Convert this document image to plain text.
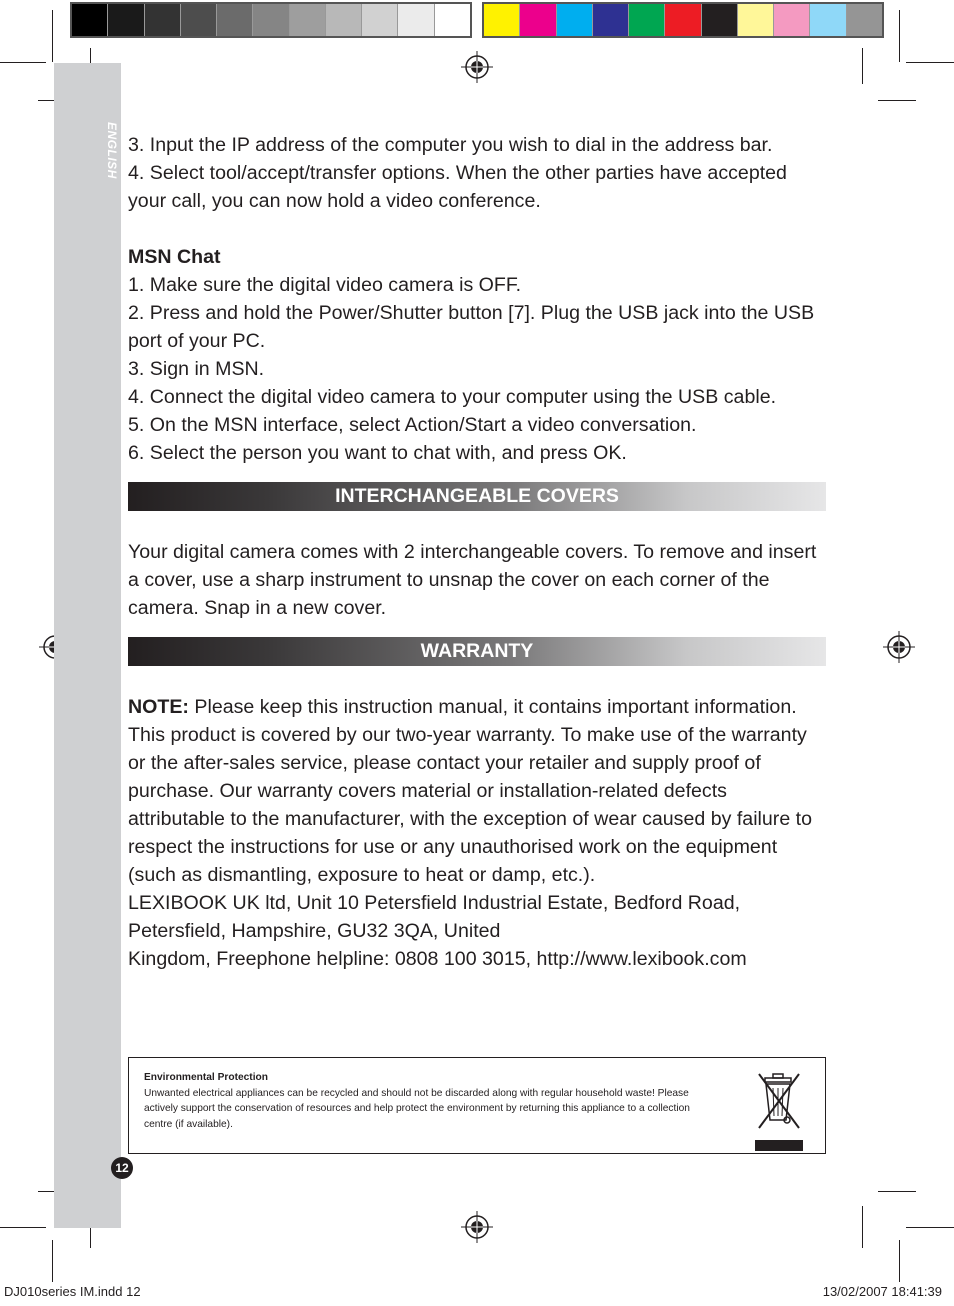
ENGLISH 3. Input the IP address of the computer you wish to dial in the address bar.

4. Select tool/accept/transfer options. When the other parties have accepted your call, you can now hold a video conference.

MSN Chat

1. Make sure the digital video camera is OFF.

2. Press and hold the Power/Shutter button [7]. Plug the USB jack into the USB port of your PC.

3. Sign in MSN.

4. Connect the digital video camera to your computer using the USB cable.

5. On the MSN interface, select Action/Start a video conversation.

6. Select the person you want to chat with, and press OK.

INTERCHANGEABLE COVERS

Your digital camera comes with 2 interchangeable covers. To remove and insert a cover, use a sharp instrument to unsnap the cover on each corner of the camera. Snap in a new cover.

WARRANTY

NOTE: Please keep this instruction manual, it contains important information. This product is covered by our two-year warranty. To make use of the warranty or the after-sales service, please contact your retailer and supply proof of purchase. Our warranty covers material or installation-related defects attributable to the manufacturer, with the exception of wear caused by failure to respect the instructions for use or any unauthorised work on the equipment (such as dismantling, exposure to heat or damp, etc.).

LEXIBOOK UK ltd, Unit 10 Petersfield Industrial Estate, Bedford Road, Petersfield, Hampshire, GU32 3QA, United

Kingdom, Freephone helpline: 0808 100 3015, http://www.lexibook.com

Environmental Protection
Unwanted electrical appliances can be recycled and should not be discarded along with regular household waste! Please actively support the conservation of resources and help protect the environment by returning this appliance to a collection centre (if available).
12
DJ010series IM.indd 12	13/02/2007 18:41:39
